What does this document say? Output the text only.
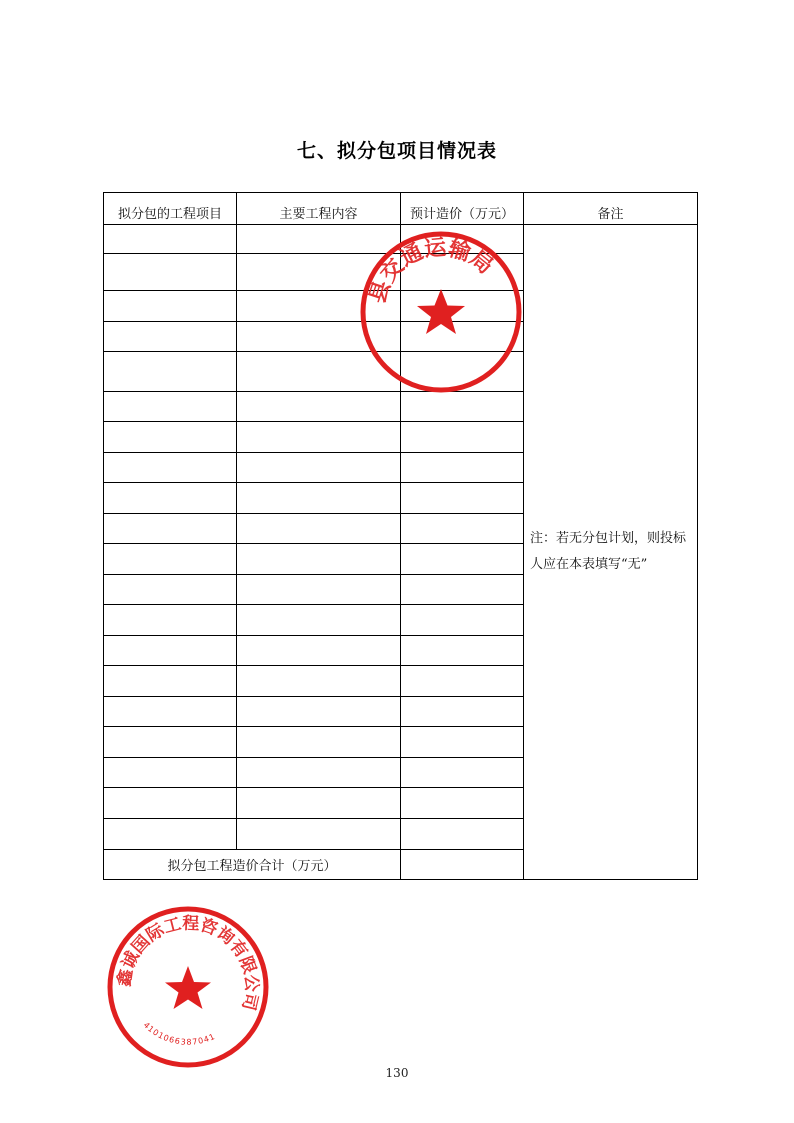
七、拟分包项目情况表
拟分包的工程项目	主要工程内容	预计造价（万元）	备注
			注：若无分包计划，则投标人应在本表填写“无”

拟分包工程造价合计（万元）			
县交通运输局
鑫诚国际工程咨询有限公司
4101066387041
130
